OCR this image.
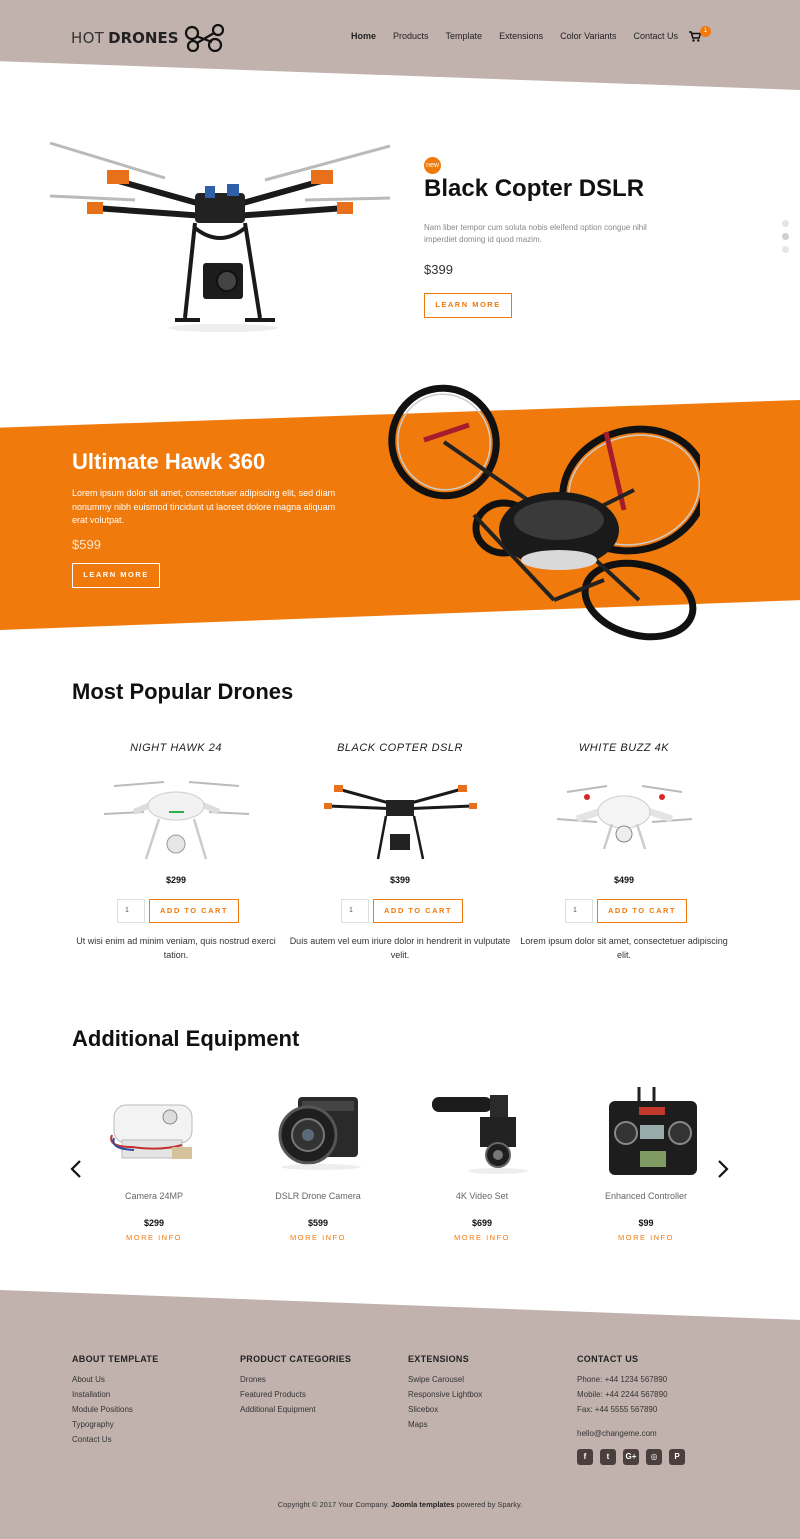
HOT DRONES	Home Products Template Extensions Color Variants Contact Us	1
new
Black Copter DSLR
Nam liber tempor cum soluta nobis eleifend option congue nihil imperdiet doming id quod mazim.
$399
LEARN MORE
Ultimate Hawk 360
Lorem ipsum dolor sit amet, consectetuer adipiscing elit, sed diam nonummy nibh euismod tincidunt ut laoreet dolore magna aliquam erat volutpat.
$599
LEARN MORE
Most Popular Drones
NIGHT HAWK 24
$299
1	ADD TO CART
Ut wisi enim ad minim veniam, quis nostrud exerci tation.
BLACK COPTER DSLR
$399
1	ADD TO CART
Duis autem vel eum iriure dolor in hendrerit in vulputate velit.
WHITE BUZZ 4K
$499
1	ADD TO CART
Lorem ipsum dolor sit amet, consectetuer adipiscing elit.
Additional Equipment
Camera 24MP
$299
MORE INFO
DSLR Drone Camera
$599
MORE INFO
4K Video Set
$699
MORE INFO
Enhanced Controller
$99
MORE INFO
ABOUT TEMPLATE
About Us
Installation
Module Positions
Typography
Contact Us
PRODUCT CATEGORIES
Drones
Featured Products
Additional Equipment
EXTENSIONS
Swipe Carousel
Responsive Lightbox
Slicebox
Maps
CONTACT US
Phone: +44 1234 567890
Mobile: +44 2244 567890
Fax: +44 5555 567890
hello@changeme.com
f	t	G+	◎	P
Copyright © 2017 Your Company. Joomla templates powered by Sparky.
